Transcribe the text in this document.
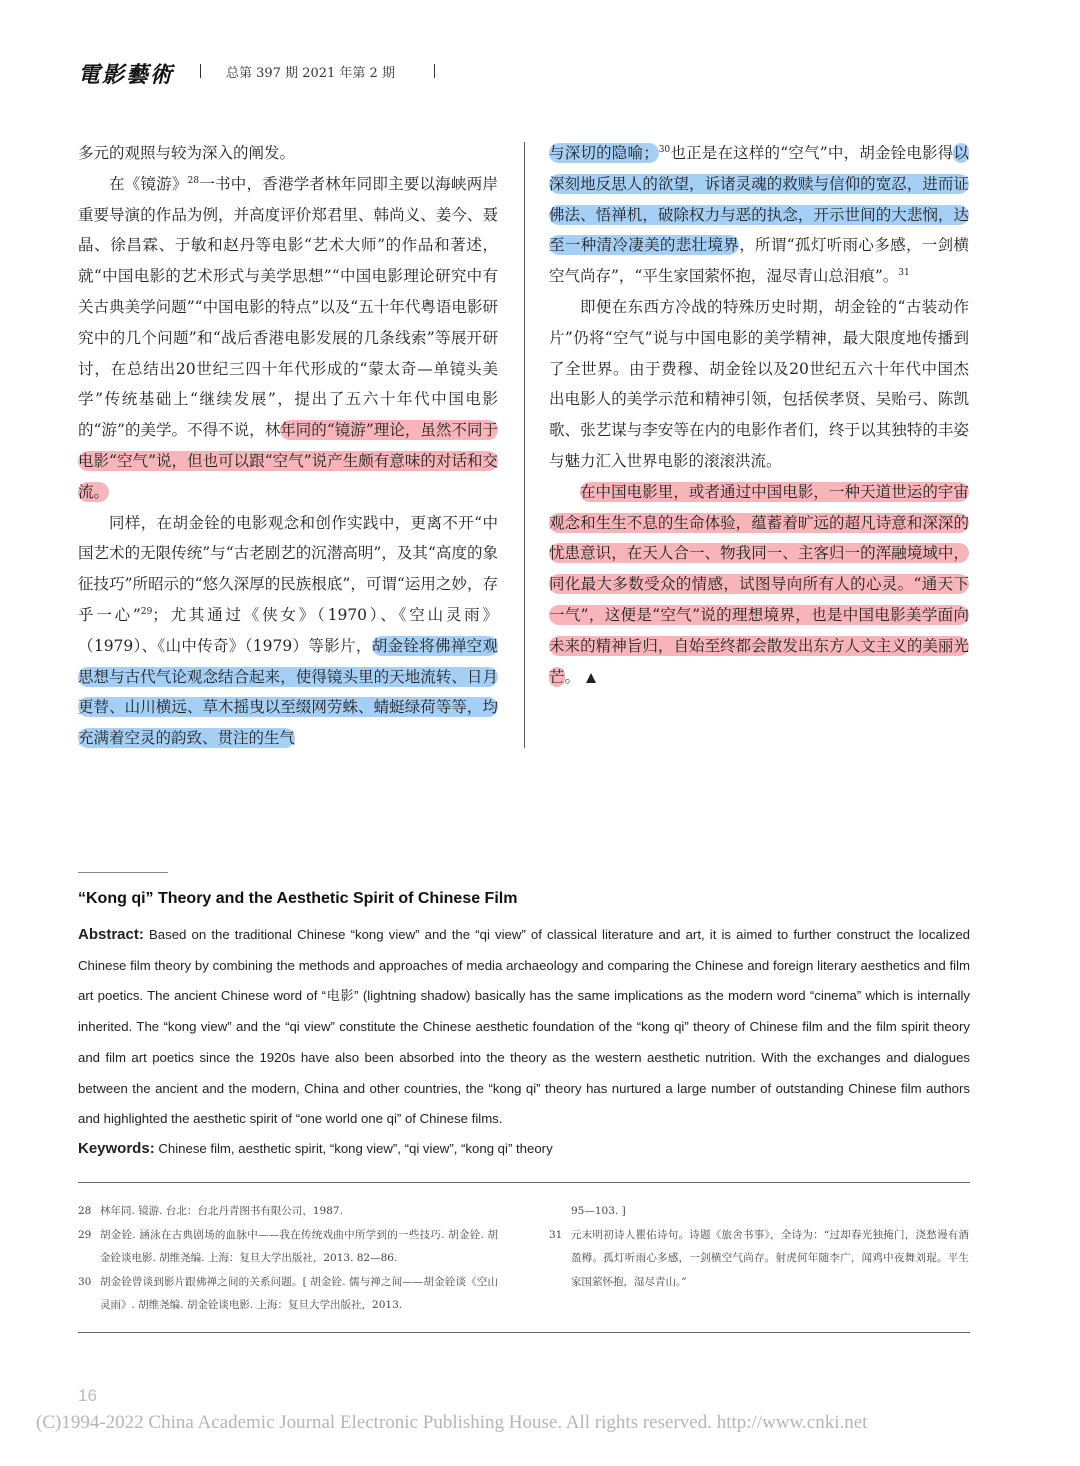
電影藝術	总第 397 期 2021 年第 2 期

多元的观照与较为深入的阐发。

在《镜游》$^{28}$一书中，香港学者林年同即主要以海峡两岸重要导演的作品为例，并高度评价郑君里、韩尚义、姜今、聂晶、徐昌霖、于敏和赵丹等电影“艺术大师”的作品和著述，就“中国电影的艺术形式与美学思想”“中国电影理论研究中有关古典美学问题”“中国电影的特点”以及“五十年代粤语电影研究中的几个问题”和“战后香港电影发展的几条线索”等展开研讨，在总结出20世纪三四十年代形成的“蒙太奇—单镜头美学”传统基础上“继续发展”，提出了五六十年代中国电影的“游”的美学。不得不说，林年同的“镜游”理论，虽然不同于电影“空气”说，但也可以跟“空气”说产生颇有意味的对话和交流。

同样，在胡金铨的电影观念和创作实践中，更离不开“中国艺术的无限传统”与“古老剧艺的沉潜高明”，及其“高度的象征技巧”所昭示的“悠久深厚的民族根底”，可谓“运用之妙，存乎一心”$^{29}$；尤其通过《侠女》（1970）、《空山灵雨》（1979）、《山中传奇》（1979）等影片，胡金铨将佛禅空观思想与古代气论观念结合起来，使得镜头里的天地流转、日月更替、山川横远、草木摇曳以至缀网劳蛛、蜻蜓绿荷等等，均充满着空灵的韵致、贯注的生气

与深切的隐喻；$^{30}$也正是在这样的“空气”中，胡金铨电影得以深刻地反思人的欲望，诉诸灵魂的救赎与信仰的宽忍，进而证佛法、悟禅机，破除权力与恶的执念，开示世间的大悲悯，达至一种清冷凄美的悲壮境界，所谓“孤灯听雨心多感，一剑横空气尚存”，“平生家国萦怀抱，湿尽青山总泪痕”。$^{31}$

即便在东西方冷战的特殊历史时期，胡金铨的“古装动作片”仍将“空气”说与中国电影的美学精神，最大限度地传播到了全世界。由于费穆、胡金铨以及20世纪五六十年代中国杰出电影人的美学示范和精神引领，包括侯孝贤、吴贻弓、陈凯歌、张艺谋与李安等在内的电影作者们，终于以其独特的丰姿与魅力汇入世界电影的滚滚洪流。

在中国电影里，或者通过中国电影，一种天道世运的宇宙观念和生生不息的生命体验，蕴蓄着旷远的超凡诗意和深深的忧患意识，在天人合一、物我同一、主客归一的浑融境域中，同化最大多数受众的情感，试图导向所有人的心灵。“通天下一气”，这便是“空气”说的理想境界，也是中国电影美学面向未来的精神旨归，自始至终都会散发出东方人文主义的美丽光芒。

“Kong qi” Theory and the Aesthetic Spirit of Chinese Film
Abstract: Based on the traditional Chinese “kong view” and the “qi view” of classical literature and art, it is aimed to further construct the localized Chinese film theory by combining the methods and approaches of media archaeology and comparing the Chinese and foreign literary aesthetics and film art poetics. The ancient Chinese word of “电影” (lightning shadow) basically has the same implications as the modern word “cinema” which is internally inherited. The “kong view” and the “qi view” constitute the Chinese aesthetic foundation of the “kong qi” theory of Chinese film and the film spirit theory and film art poetics since the 1920s have also been absorbed into the theory as the western aesthetic nutrition. With the exchanges and dialogues between the ancient and the modern, China and other countries, the “kong qi” theory has nurtured a large number of outstanding Chinese film authors and highlighted the aesthetic spirit of “one world one qi” of Chinese films.
Keywords: Chinese film, aesthetic spirit, “kong view”, “qi view”, “kong qi” theory
28 林年同. 镜游. 台北：台北丹青图书有限公司，1987.
29 胡金铨. 涵泳在古典剧场的血脉中——我在传统戏曲中所学到的一些技巧. 胡金铨. 胡金铨谈电影. 胡维尧编. 上海：复旦大学出版社，2013. 82—86.
30 胡金铨曾谈到影片跟佛禅之间的关系问题。[ 胡金铨. 儒与禅之间——胡金铨谈《空山灵雨》. 胡维尧编. 胡金铨谈电影. 上海：复旦大学出版社，2013.
95—103. ]
31 元末明初诗人瞿佑诗句。诗题《旅舍书事》，全诗为：“过却春光独掩门，浇愁谩有酒盈樽。孤灯听雨心多感，一剑横空气尚存。射虎何年随李广，闻鸡中夜舞刘琨。平生家国萦怀抱，湿尽青山。”
16
(C)1994-2022 China Academic Journal Electronic Publishing House. All rights reserved. http://www.cnki.net
